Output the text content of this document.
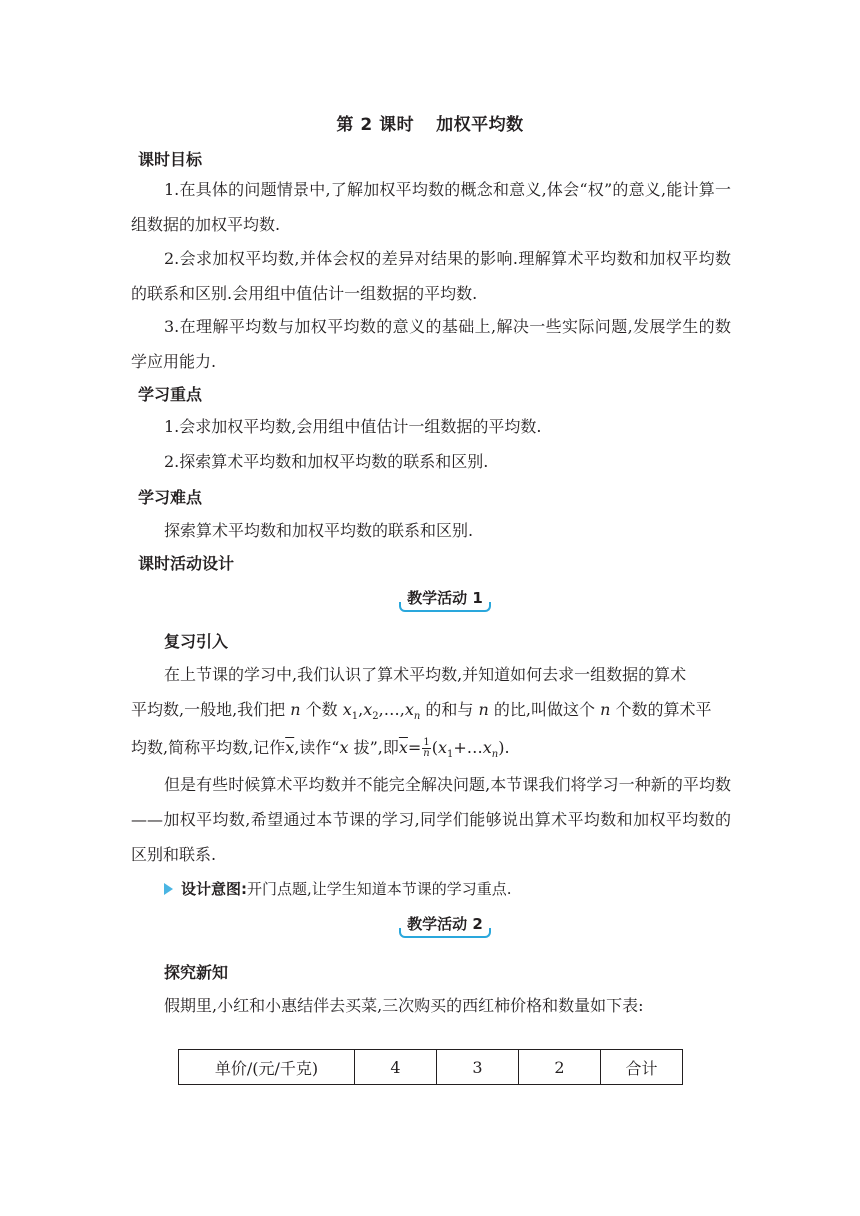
第 2 课时 加权平均数
课时目标

1.在具体的问题情景中,了解加权平均数的概念和意义,体会“权”的意义,能计算一组数据的加权平均数.

2.会求加权平均数,并体会权的差异对结果的影响.理解算术平均数和加权平均数的联系和区别.会用组中值估计一组数据的平均数.

3.在理解平均数与加权平均数的意义的基础上,解决一些实际问题,发展学生的数学应用能力.

学习重点
1.会求加权平均数,会用组中值估计一组数据的平均数.
2.探索算术平均数和加权平均数的联系和区别.
学习难点
探索算术平均数和加权平均数的联系和区别.
课时活动设计
教学活动 1
复习引入
在上节课的学习中,我们认识了算术平均数,并知道如何去求一组数据的算术
平均数,一般地,我们把 n 个数 $x_1,x_2,\dots,x_n$ 的和与 n 的比,叫做这个 n 个数的算术平
均数,简称平均数,记作$\overline{x}$,读作“x 拔”,即$\overline{x}= \frac{1}{n}$ $(x_1+\dots x_n)$.

但是有些时候算术平均数并不能完全解决问题,本节课我们将学习一种新的平均数——加权平均数,希望通过本节课的学习,同学们能够说出算术平均数和加权平均数的区别和联系.

设计意图:开门点题,让学生知道本节课的学习重点.
教学活动 2
探究新知
假期里,小红和小惠结伴去买菜,三次购买的西红柿价格和数量如下表:
单价/(元/千克)	4	3	2	合计
